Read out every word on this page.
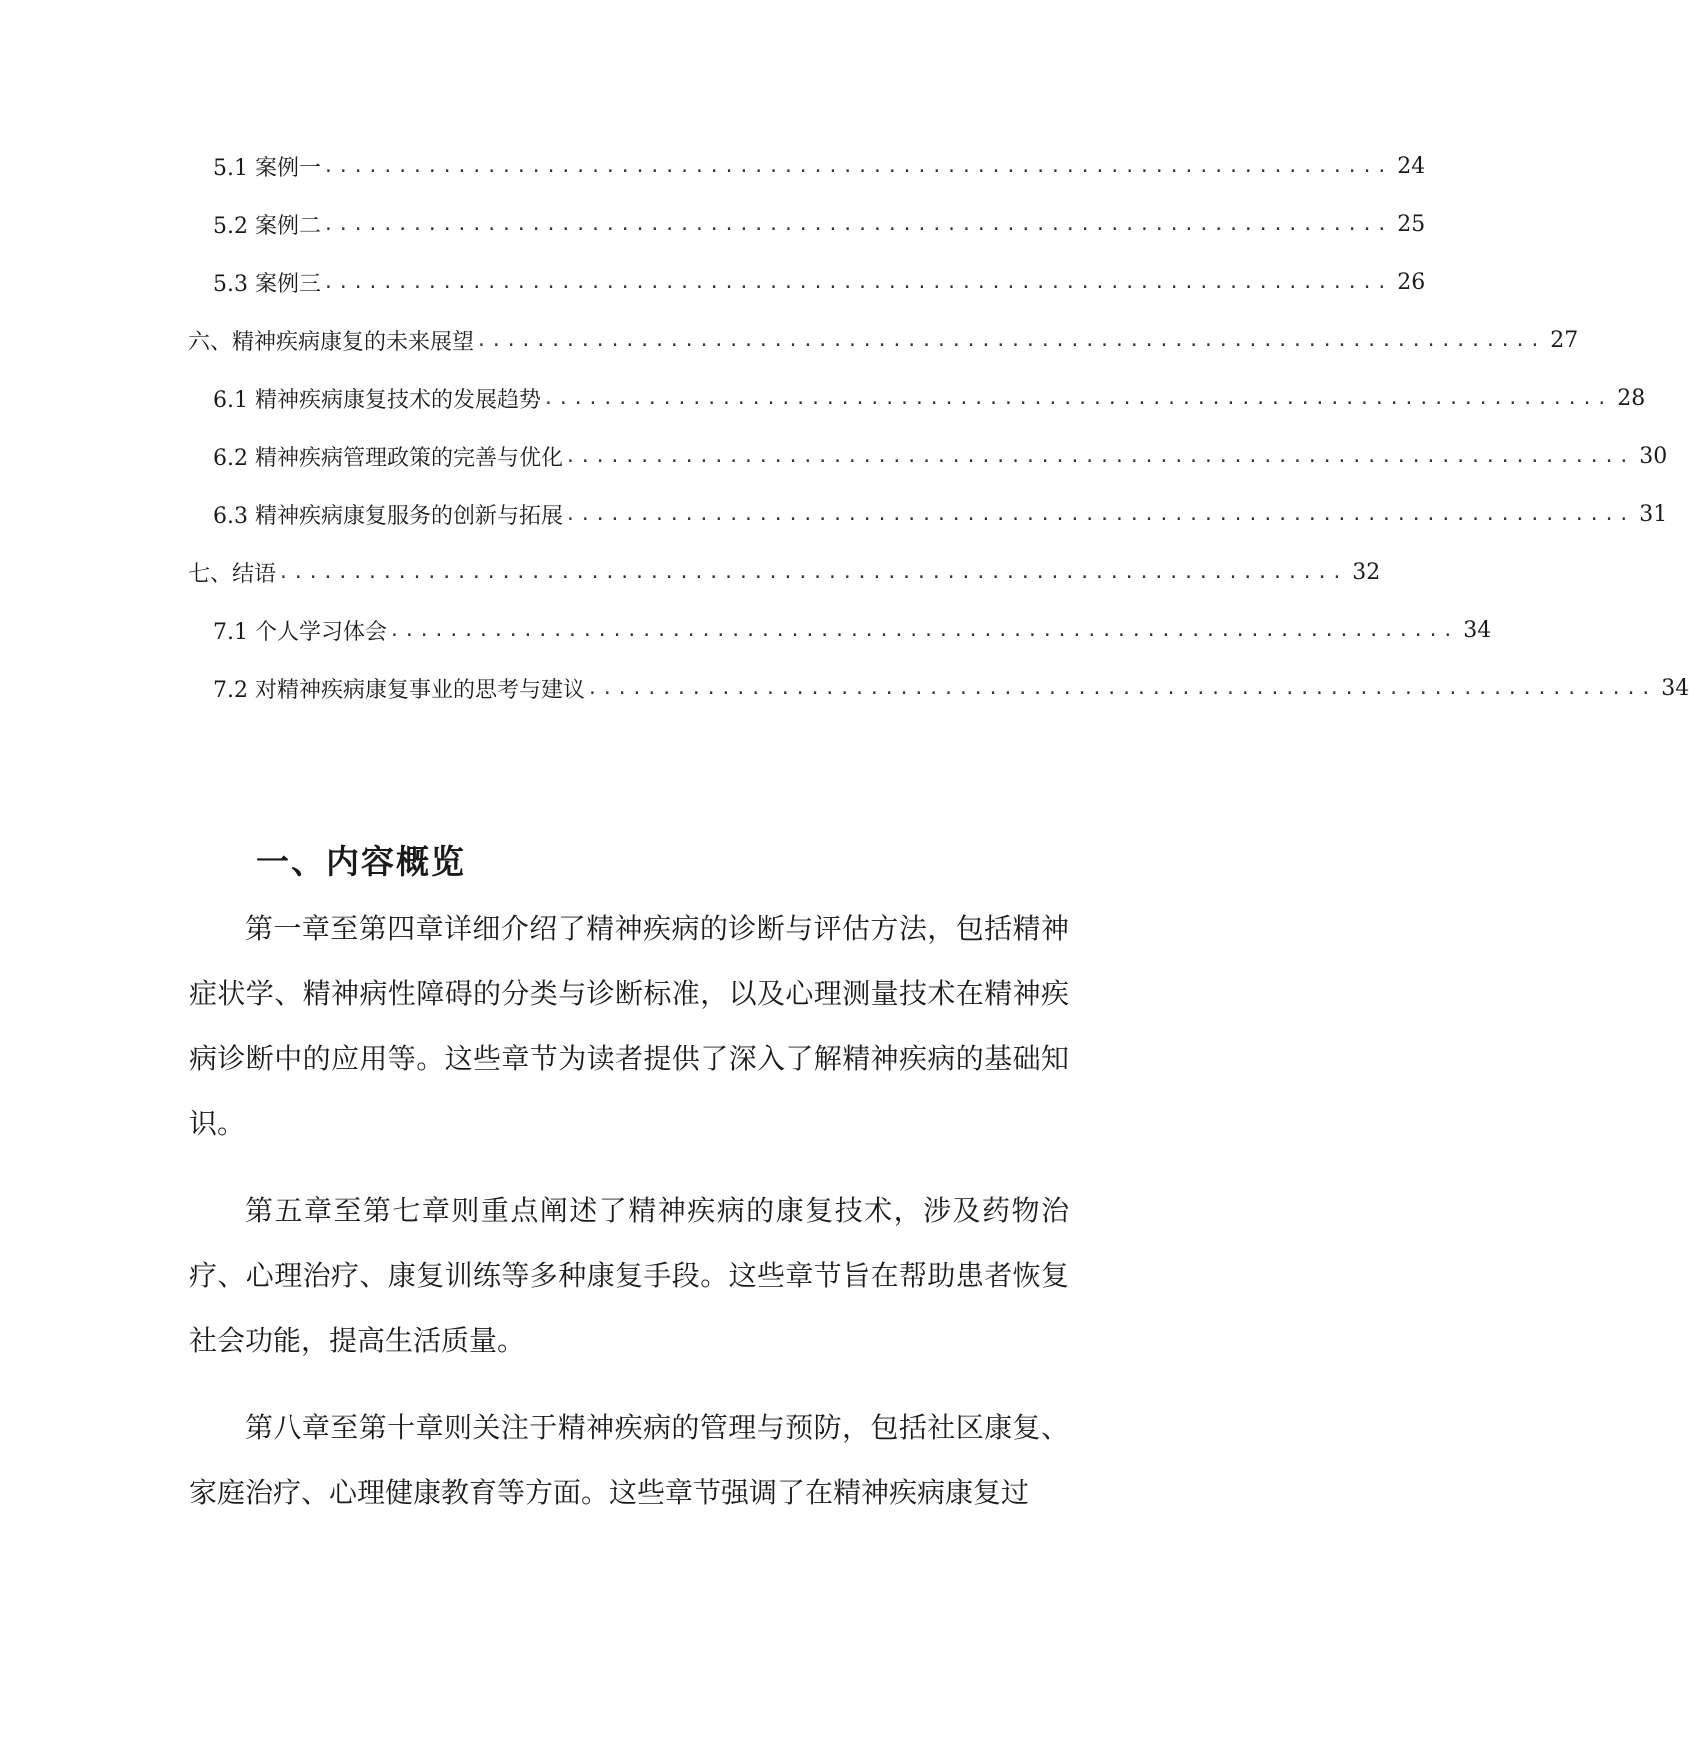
5.1 案例一 ........................................................................ 24
5.2 案例二 ........................................................................ 25
5.3 案例三 ........................................................................ 26
六、精神疾病康复的未来展望 ........................................................................ 27
6.1 精神疾病康复技术的发展趋势 ........................................................................ 28
6.2 精神疾病管理政策的完善与优化 ........................................................................ 30
6.3 精神疾病康复服务的创新与拓展 ........................................................................ 31
七、结语 ........................................................................ 32
7.1 个人学习体会 ........................................................................ 34
7.2 对精神疾病康复事业的思考与建议 ........................................................................ 34
一、内容概览

第一章至第四章详细介绍了精神疾病的诊断与评估方法，包括精神症状学、精神病性障碍的分类与诊断标准，以及心理测量技术在精神疾病诊断中的应用等。这些章节为读者提供了深入了解精神疾病的基础知识。

第五章至第七章则重点阐述了精神疾病的康复技术，涉及药物治疗、心理治疗、康复训练等多种康复手段。这些章节旨在帮助患者恢复社会功能，提高生活质量。

第八章至第十章则关注于精神疾病的管理与预防，包括社区康复、家庭治疗、心理健康教育等方面。这些章节强调了在精神疾病康复过
